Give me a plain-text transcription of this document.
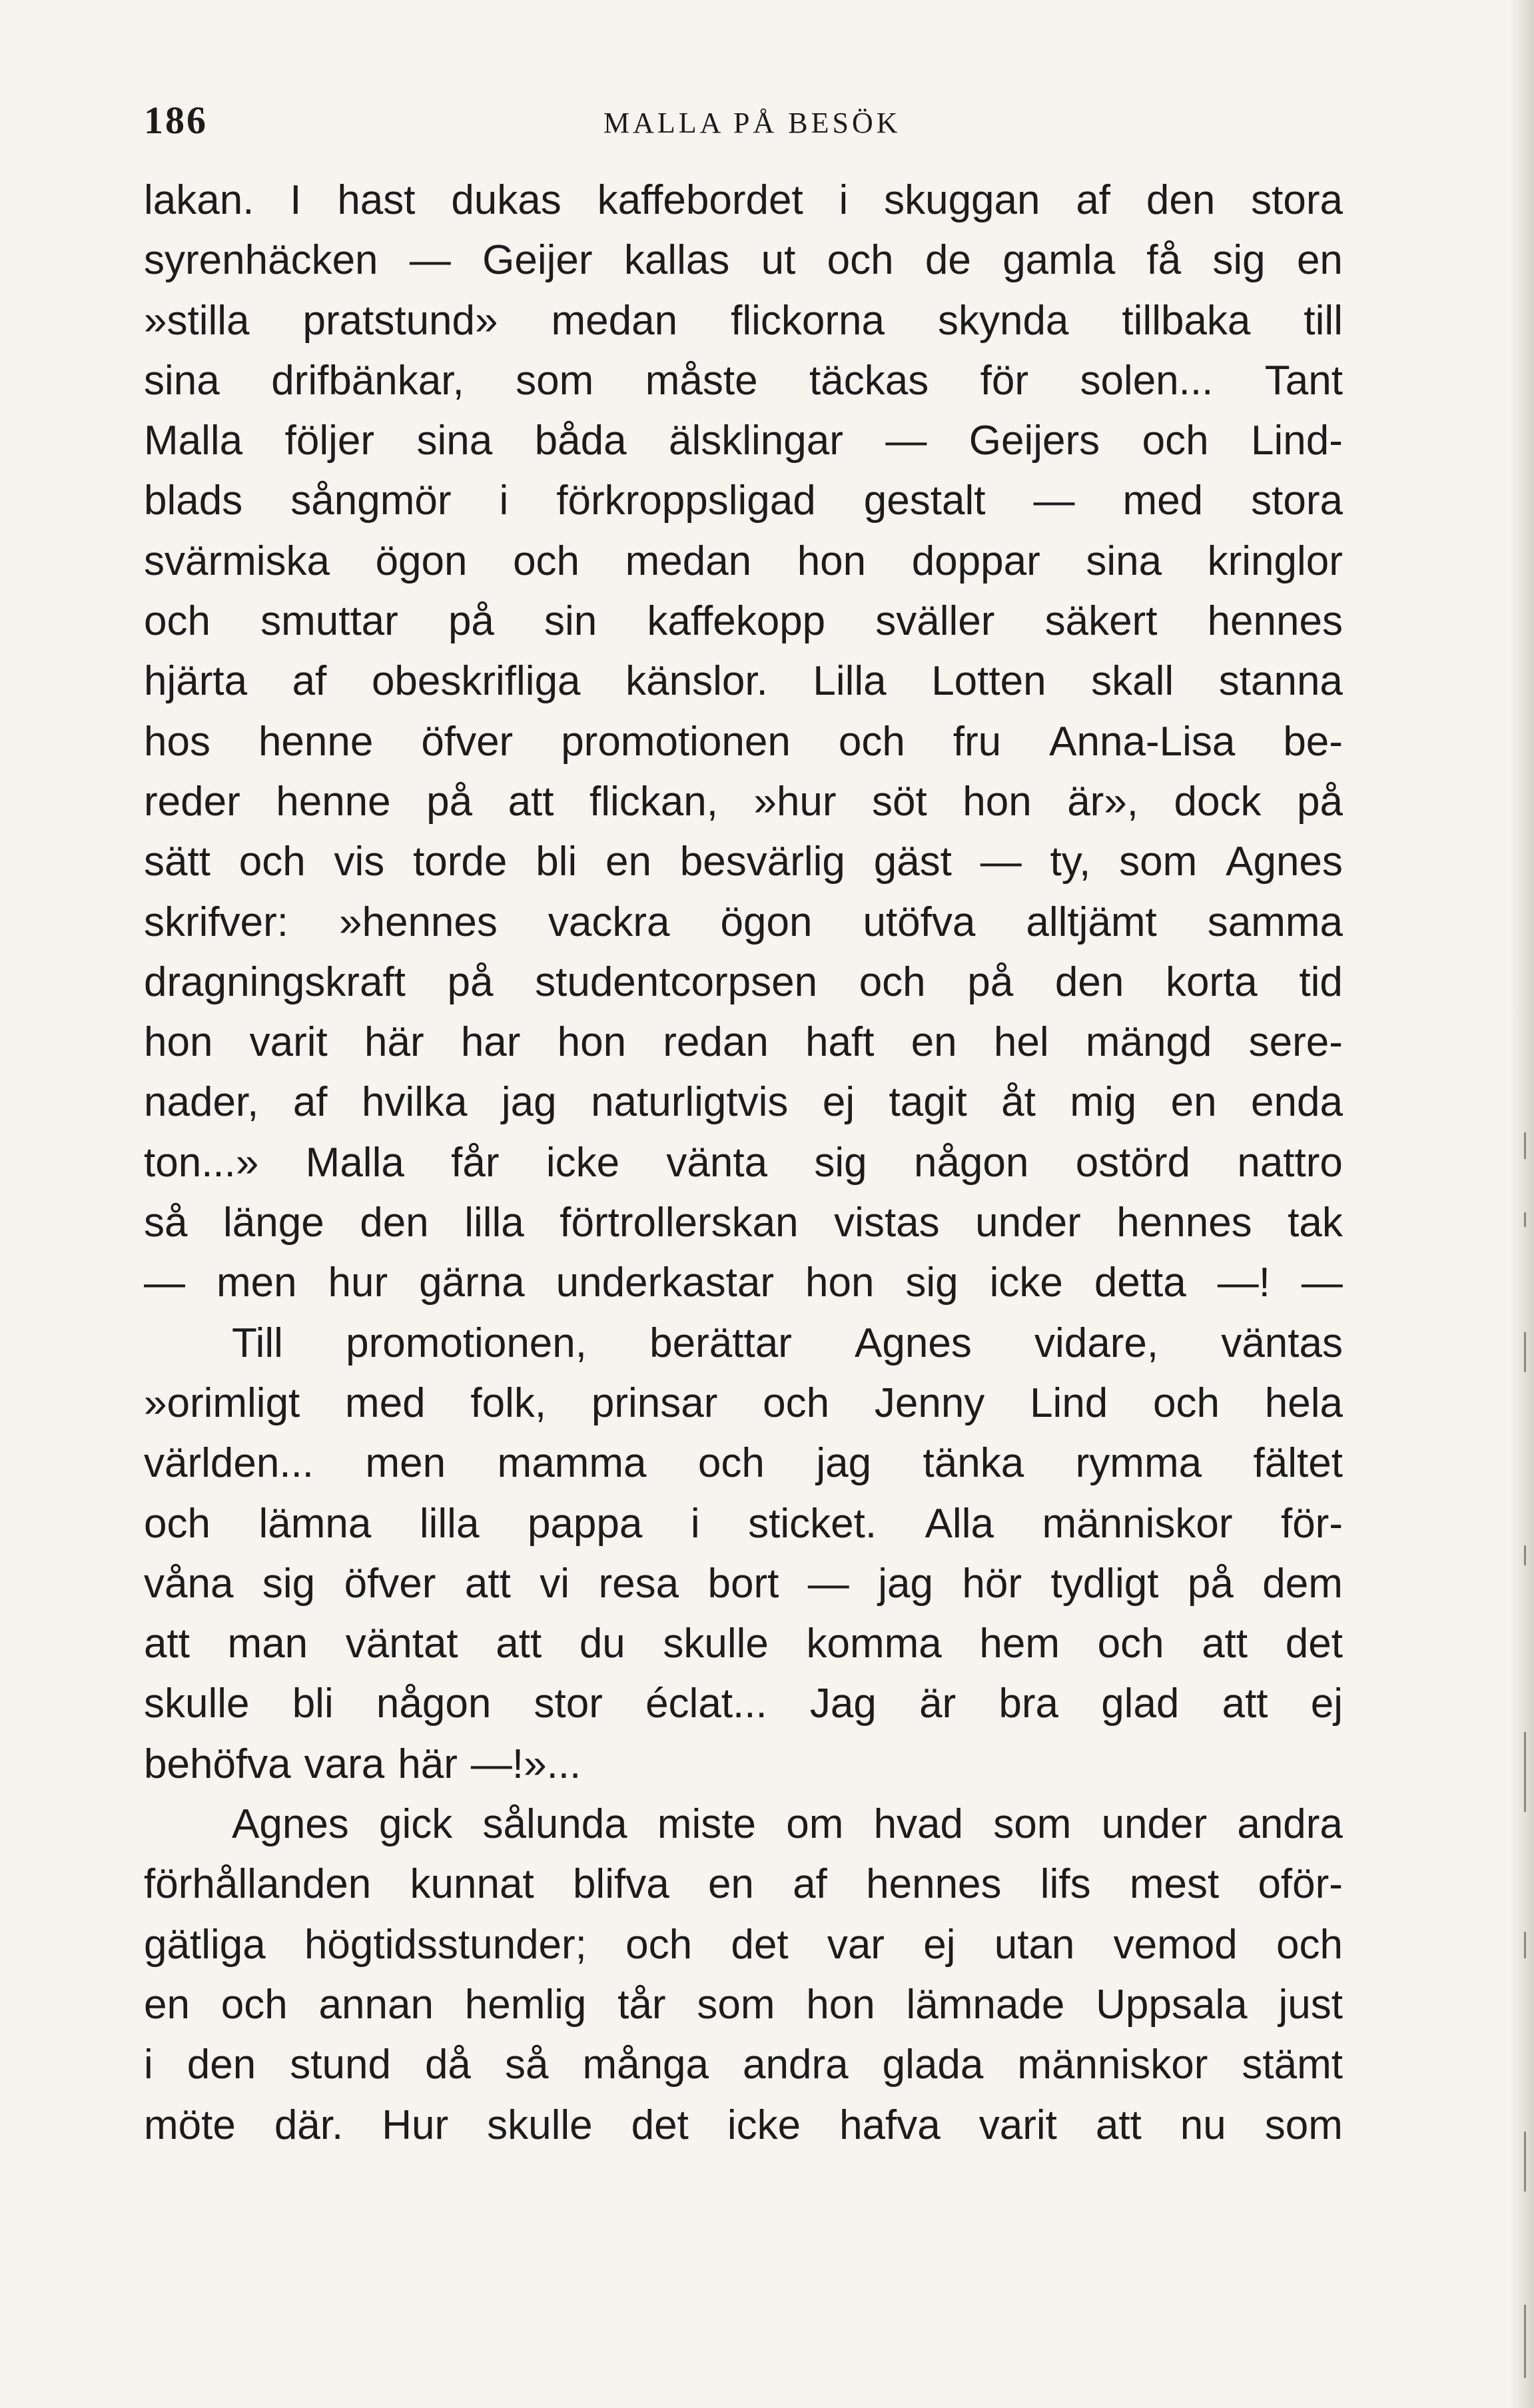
186	MALLA PÅ BESÖK
lakan. I hast dukas kaffebordet i skuggan af den stora
syrenhäcken — Geijer kallas ut och de gamla få sig en
»stilla pratstund» medan flickorna skynda tillbaka till
sina drifbänkar, som måste täckas för solen... Tant
Malla följer sina båda älsklingar — Geijers och Lind-
blads sångmör i förkroppsligad gestalt — med stora
svärmiska ögon och medan hon doppar sina kringlor
och smuttar på sin kaffekopp sväller säkert hennes
hjärta af obeskrifliga känslor. Lilla Lotten skall stanna
hos henne öfver promotionen och fru Anna-Lisa be-
reder henne på att flickan, »hur söt hon är», dock på
sätt och vis torde bli en besvärlig gäst — ty, som Agnes
skrifver: »hennes vackra ögon utöfva alltjämt samma
dragningskraft på studentcorpsen och på den korta tid
hon varit här har hon redan haft en hel mängd sere-
nader, af hvilka jag naturligtvis ej tagit åt mig en enda
ton...» Malla får icke vänta sig någon ostörd nattro
så länge den lilla förtrollerskan vistas under hennes tak
— men hur gärna underkastar hon sig icke detta —! —
Till promotionen, berättar Agnes vidare, väntas
»orimligt med folk, prinsar och Jenny Lind och hela
världen... men mamma och jag tänka rymma fältet
och lämna lilla pappa i sticket. Alla människor för-
våna sig öfver att vi resa bort — jag hör tydligt på dem
att man väntat att du skulle komma hem och att det
skulle bli någon stor éclat... Jag är bra glad att ej
behöfva vara här —!»...
Agnes gick sålunda miste om hvad som under andra
förhållanden kunnat blifva en af hennes lifs mest oför-
gätliga högtidsstunder; och det var ej utan vemod och
en och annan hemlig tår som hon lämnade Uppsala just
i den stund då så många andra glada människor stämt
möte där. Hur skulle det icke hafva varit att nu som
